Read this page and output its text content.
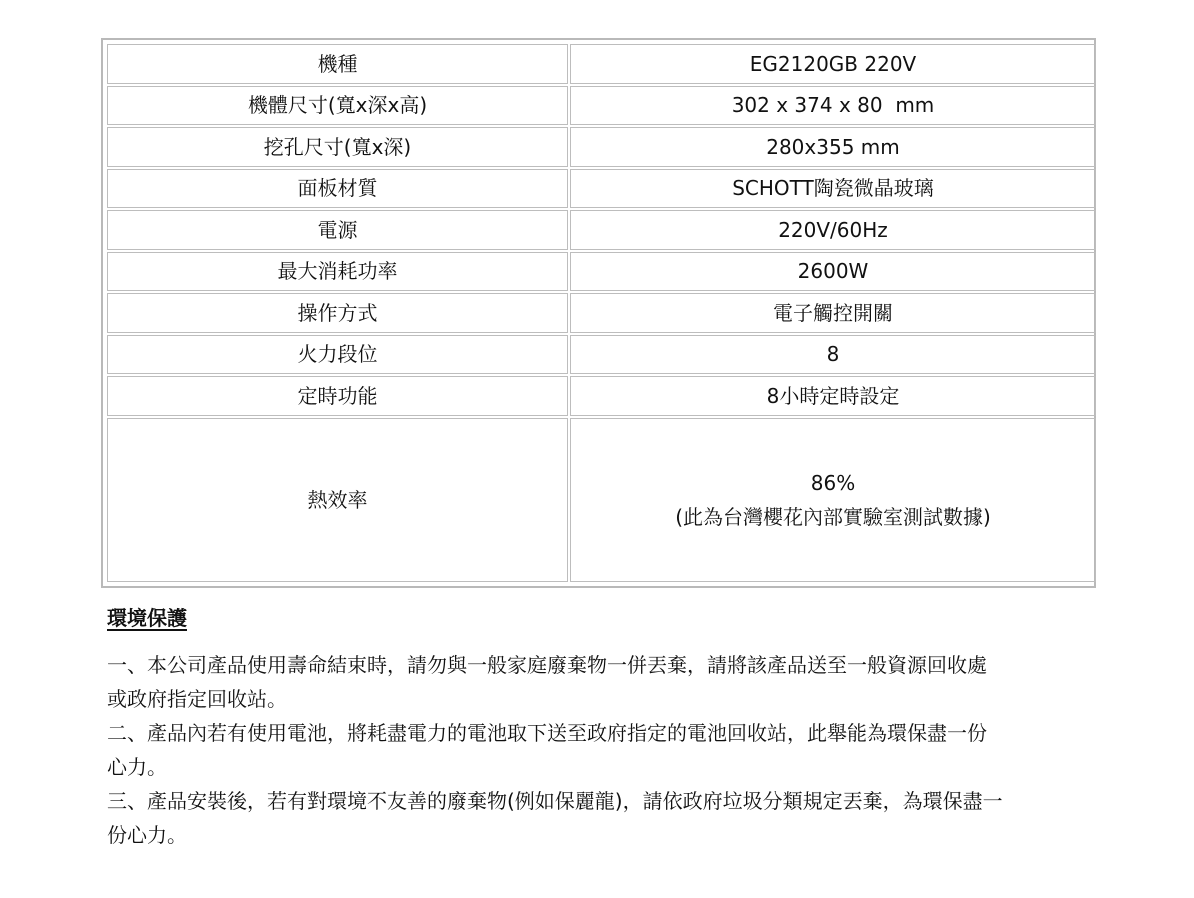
機種	EG2120GB 220V
機體尺寸(寬x深x高)	302 x 374 x 80  mm
挖孔尺寸(寬x深)	280x355 mm
面板材質	SCHOTT陶瓷微晶玻璃
電源	220V/60Hz
最大消耗功率	2600W
操作方式	電子觸控開關
火力段位	8
定時功能	8小時定時設定
熱效率	86%
(此為台灣櫻花內部實驗室測試數據)
環境保護

一、本公司產品使用壽命結束時，請勿與一般家庭廢棄物一併丟棄，請將該產品送至一般資源回收處

或政府指定回收站。

二、產品內若有使用電池，將耗盡電力的電池取下送至政府指定的電池回收站，此舉能為環保盡一份

心力。

三、產品安裝後，若有對環境不友善的廢棄物(例如保麗龍)，請依政府垃圾分類規定丟棄，為環保盡一

份心力。
